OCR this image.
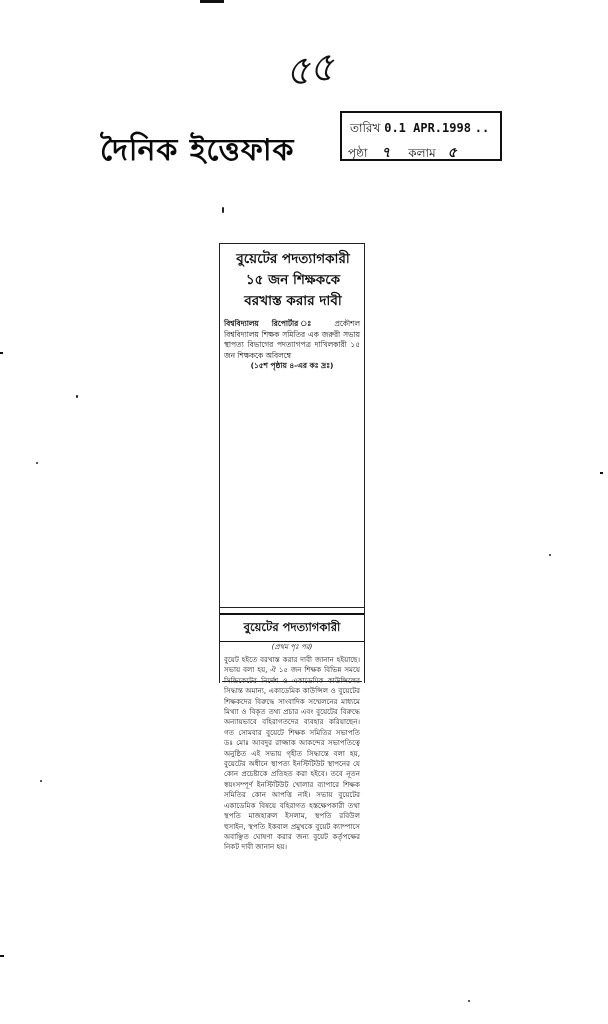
৫৫
দৈনিক ইত্তেফাক
তারিখ 0.1 APR.1998 ..
পৃষ্ঠা ৭ কলাম ৫
বুয়েটের পদত্যাগকারী
১৫ জন শিক্ষককে
বরখাস্ত করার দাবী
বিশ্ববিদ্যালয় রিপোর্টার ঃ প্রকৌশল বিশ্ববিদ্যালয় শিক্ষক সমিতির এক জরুরী সভায় স্থাপত্য বিভাগের পদত্যাগপত্র দাখিলকারী ১৫ জন শিক্ষককে অবিলম্বে
(১৫শ পৃষ্ঠায় ৪-এর কঃ দ্রঃ)
বুয়েটের পদত্যাগকারী
(প্রথম পৃঃ পর)
বুয়েট হইতে বরখাস্ত করার দাবী জানান হইয়াছে। সভায় বলা হয়, ঐ ১৫ জন শিক্ষক বিভিন্ন সময়ে সিন্ডিকেটের নির্দেশ ও একাডেমিক কাউন্সিলের সিদ্ধান্ত অমান্য, একাডেমিক কাউন্সিল ও বুয়েটের শিক্ষকদের বিরুদ্ধে সাংবাদিক সম্মেলনের মাধ্যমে মিথ্যা ও বিকৃত তথ্য প্রচার এবং বুয়েটের বিরুদ্ধে অন্যায়ভাবে বহিরাগতদের ব্যবহার করিয়াছেন। গত সোমবার বুয়েটে শিক্ষক সমিতির সভাপতি ডঃ মোঃ আবদুর রাজ্জাক আকন্দের সভাপতিত্বে অনুষ্ঠিত এই সভায় গৃহীত সিদ্ধান্তে বলা হয়, বুয়েটের অধীনে স্থাপত্য ইনস্টিটিউট স্থাপনের যে কোন প্রচেষ্টাকে প্রতিহত করা হইবে। তবে নূতন স্বয়ংসম্পূর্ণ ইনস্টিটিউট খোলার ব্যাপারে শিক্ষক সমিতির কোন আপত্তি নাই। সভায় বুয়েটের একাডেমিক বিষয়ে বহিরাগত হস্তক্ষেপকারী তথা স্থপতি মাজহারুল ইসলাম, স্থপতি রবিউল হুসাইন, স্থপতি ইকবাল প্রমুখকে বুয়েট ক্যাম্পাসে অবাঞ্ছিত ঘোষণা করার জন্য বুয়েট কর্তৃপক্ষের নিকট দাবী জানান হয়।
